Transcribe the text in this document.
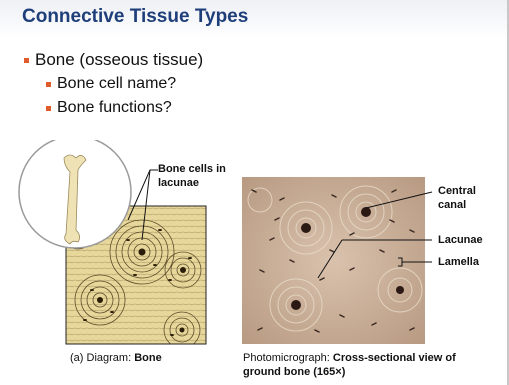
Connective Tissue Types
Bone (osseous tissue)
Bone cell name?
Bone functions?
Bone cells in lacunae
Central canal
Lacunae
Lamella
(a) Diagram: Bone	Photomicrograph: Cross-sectional view of ground bone (165×)
